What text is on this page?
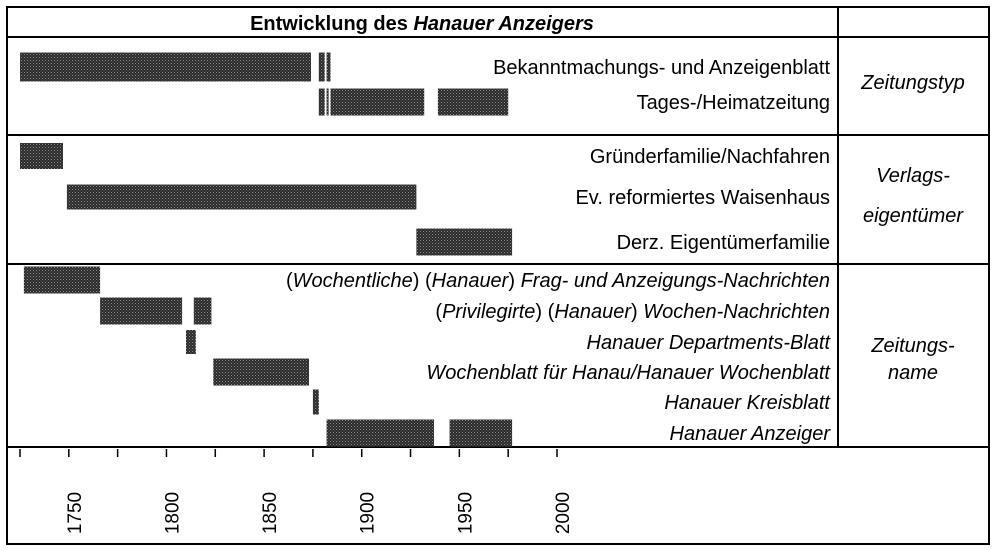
Entwicklung des Hanauer Anzeigers
Bekanntmachungs- und Anzeigenblatt
Tages-/Heimatzeitung
Gründerfamilie/Nachfahren
Ev. reformiertes Waisenhaus
Derz. Eigentümerfamilie
(Wochentliche) (Hanauer) Frag- und Anzeigungs-Nachrichten
(Privilegirte) (Hanauer) Wochen-Nachrichten
Hanauer Departments-Blatt
Wochenblatt für Hanau/Hanauer Wochenblatt
Hanauer Kreisblatt
Hanauer Anzeiger
Zeitungstyp
Verlags-
eigentümer
Zeitungs-
name
1750	1800	1850	1900	1950	2000
